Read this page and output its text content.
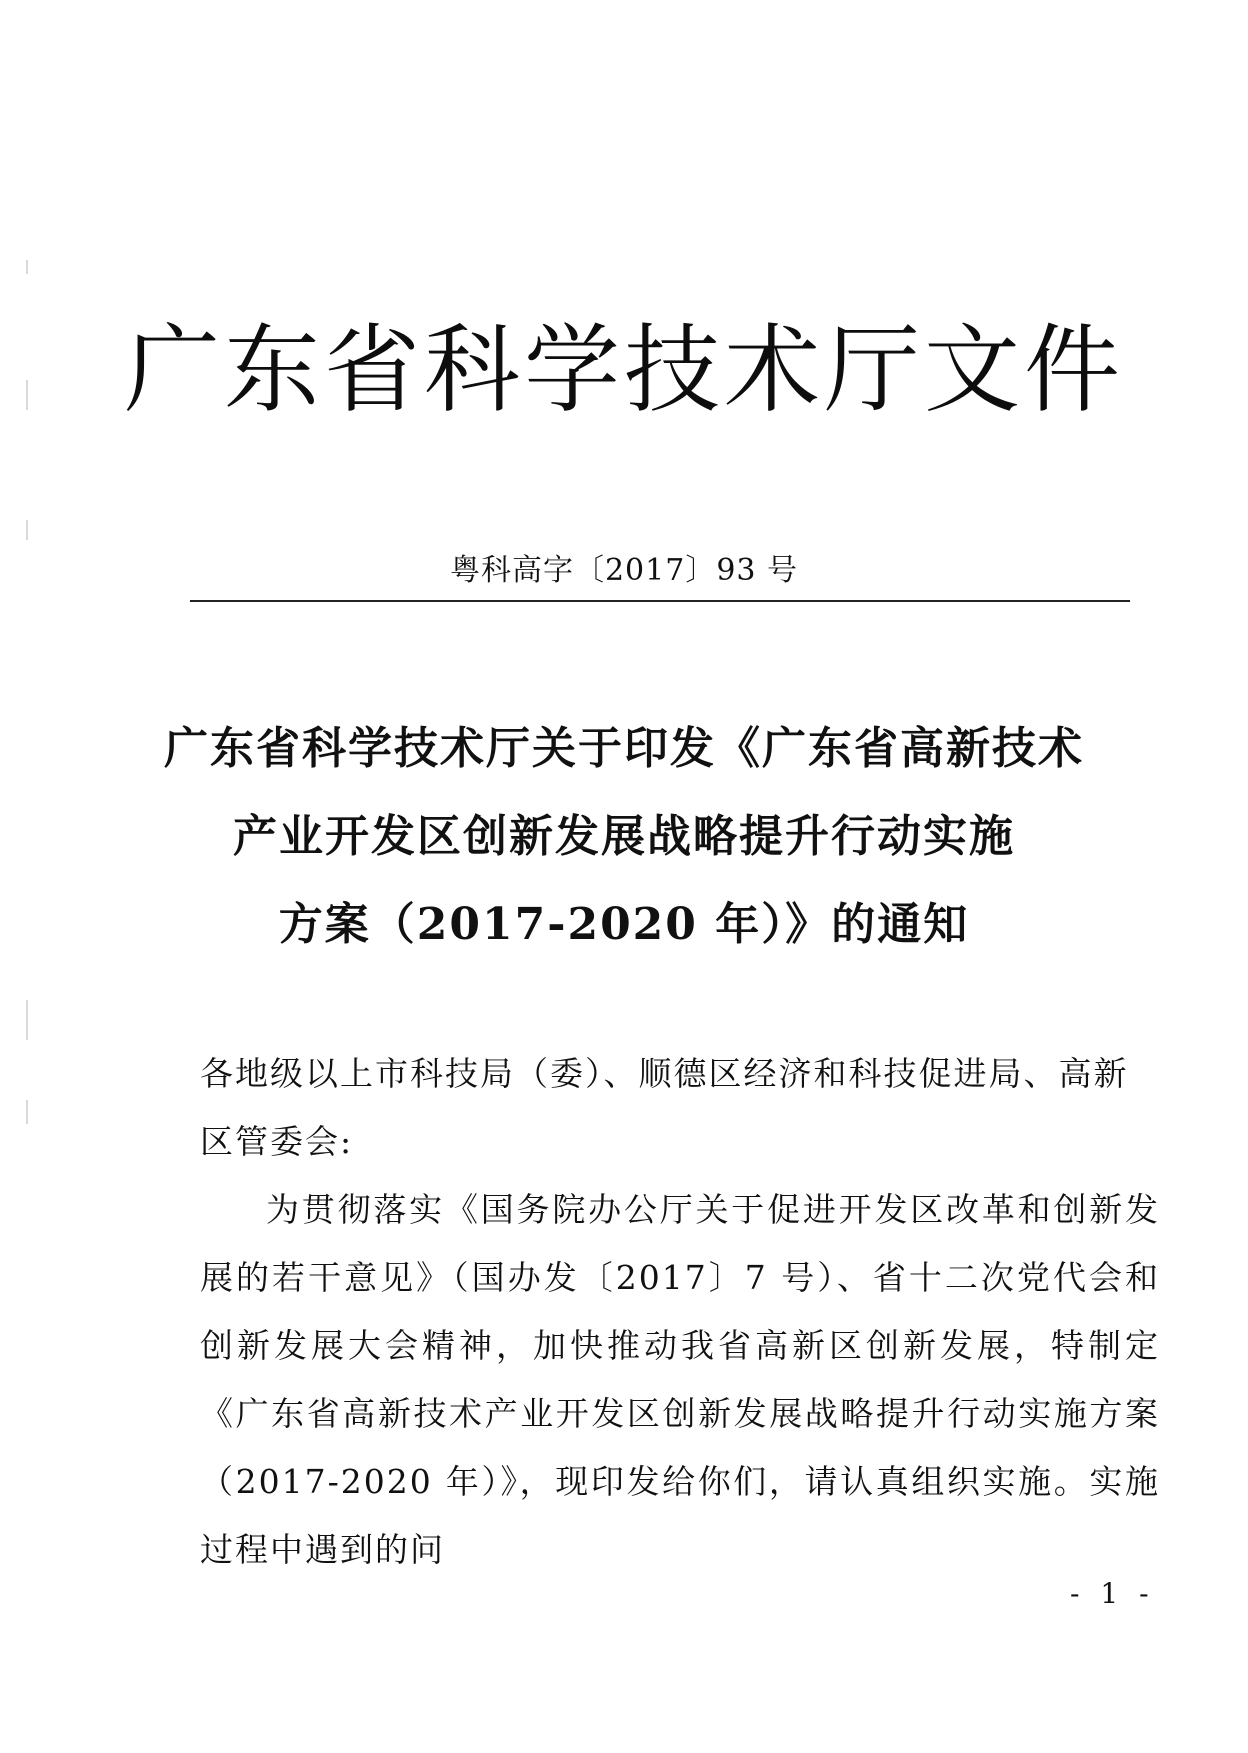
广东省科学技术厅文件
粤科高字〔2017〕93 号
广东省科学技术厅关于印发《广东省高新技术
产业开发区创新发展战略提升行动实施
方案（2017-2020 年）》的通知

各地级以上市科技局（委）、顺德区经济和科技促进局、高新区管委会:

为贯彻落实《国务院办公厅关于促进开发区改革和创新发展的若干意见》（国办发〔2017〕7 号）、省十二次党代会和创新发展大会精神，加快推动我省高新区创新发展，特制定《广东省高新技术产业开发区创新发展战略提升行动实施方案（2017-2020 年）》，现印发给你们，请认真组织实施。实施过程中遇到的问

- 1 -
